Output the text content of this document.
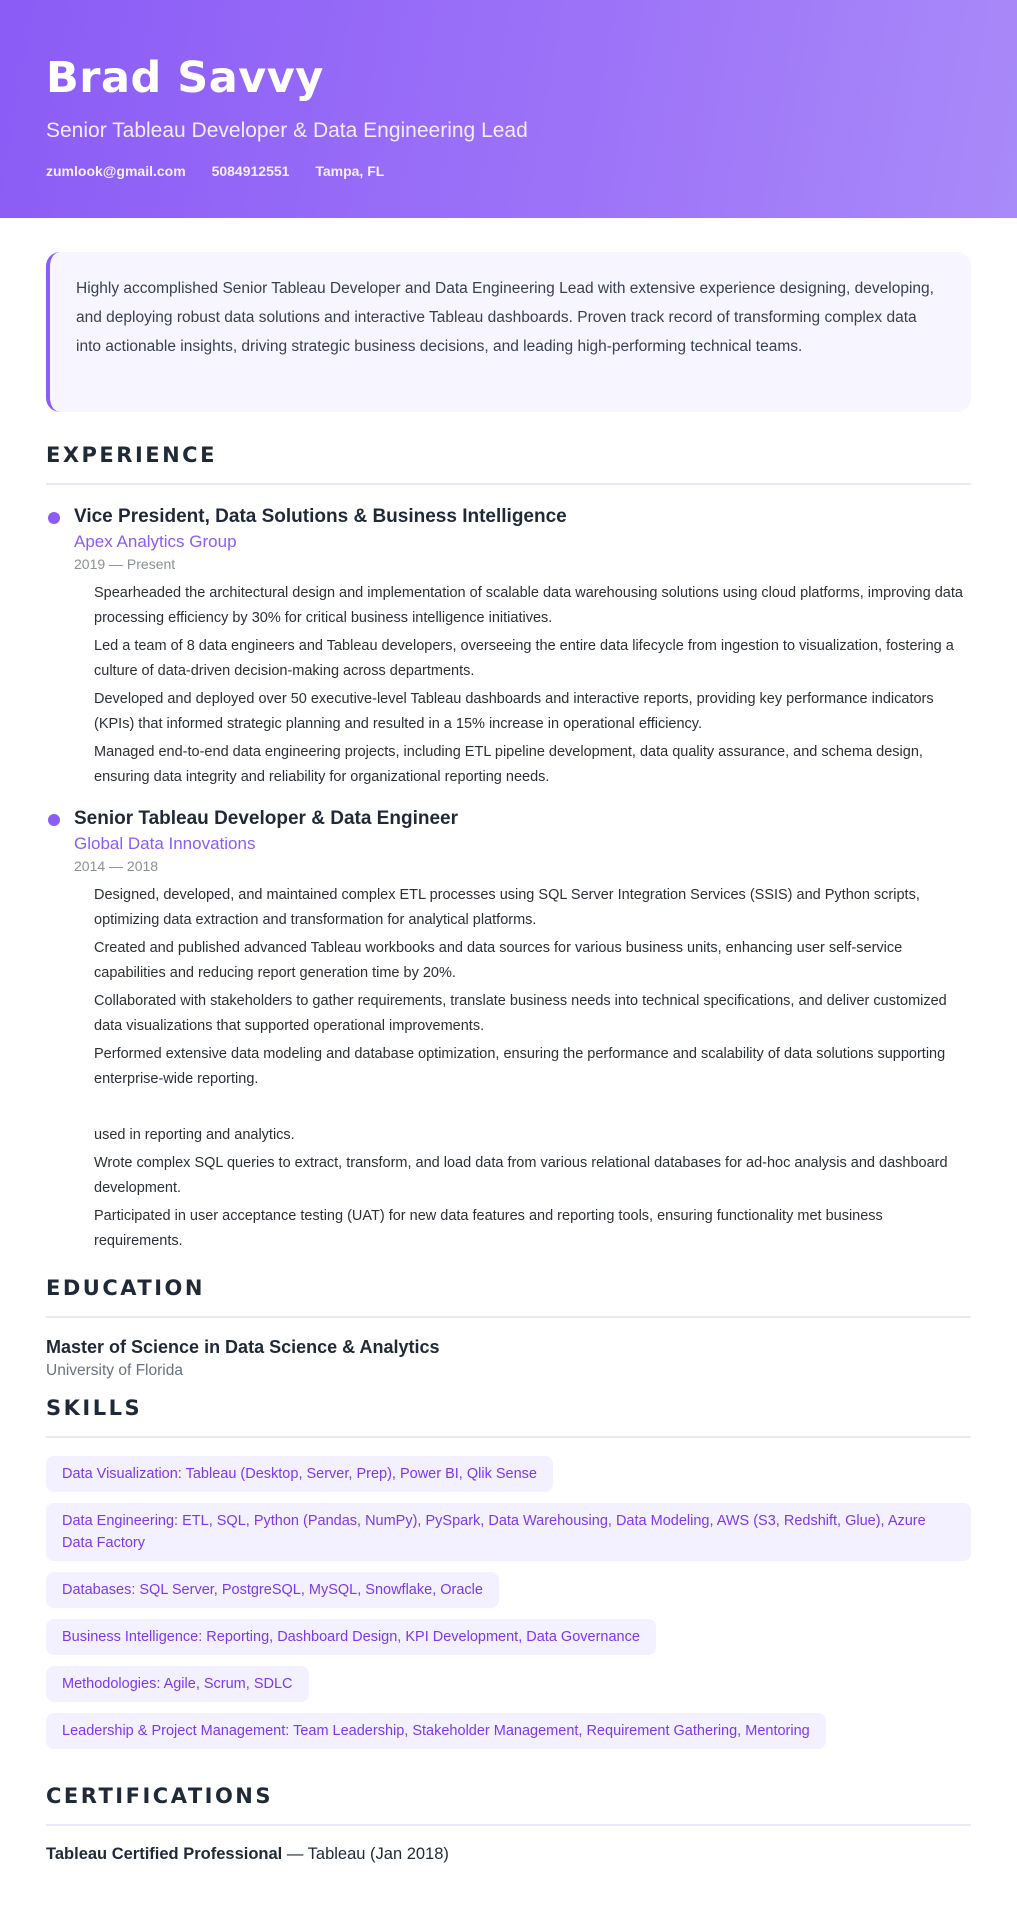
Brad Savvy
Senior Tableau Developer & Data Engineering Lead
zumlook@gmail.com 5084912551 Tampa, FL
Highly accomplished Senior Tableau Developer and Data Engineering Lead with extensive experience designing, developing, and deploying robust data solutions and interactive Tableau dashboards. Proven track record of transforming complex data into actionable insights, driving strategic business decisions, and leading high-performing technical teams.
EXPERIENCE
Vice President, Data Solutions & Business Intelligence
Apex Analytics Group
2019 — Present
Spearheaded the architectural design and implementation of scalable data warehousing solutions using cloud platforms, improving data processing efficiency by 30% for critical business intelligence initiatives.
Led a team of 8 data engineers and Tableau developers, overseeing the entire data lifecycle from ingestion to visualization, fostering a culture of data-driven decision-making across departments.
Developed and deployed over 50 executive-level Tableau dashboards and interactive reports, providing key performance indicators (KPIs) that informed strategic planning and resulted in a 15% increase in operational efficiency.
Managed end-to-end data engineering projects, including ETL pipeline development, data quality assurance, and schema design, ensuring data integrity and reliability for organizational reporting needs.
Senior Tableau Developer & Data Engineer
Global Data Innovations
2014 — 2018
Designed, developed, and maintained complex ETL processes using SQL Server Integration Services (SSIS) and Python scripts, optimizing data extraction and transformation for analytical platforms.
Created and published advanced Tableau workbooks and data sources for various business units, enhancing user self-service capabilities and reducing report generation time by 20%.
Collaborated with stakeholders to gather requirements, translate business needs into technical specifications, and deliver customized data visualizations that supported operational improvements.
Performed extensive data modeling and database optimization, ensuring the performance and scalability of data solutions supporting enterprise-wide reporting.
used in reporting and analytics.
Wrote complex SQL queries to extract, transform, and load data from various relational databases for ad-hoc analysis and dashboard development.
Participated in user acceptance testing (UAT) for new data features and reporting tools, ensuring functionality met business requirements.
EDUCATION
Master of Science in Data Science & Analytics
University of Florida
SKILLS
Data Visualization: Tableau (Desktop, Server, Prep), Power BI, Qlik Sense
Data Engineering: ETL, SQL, Python (Pandas, NumPy), PySpark, Data Warehousing, Data Modeling, AWS (S3, Redshift, Glue), Azure Data Factory
Databases: SQL Server, PostgreSQL, MySQL, Snowflake, Oracle
Business Intelligence: Reporting, Dashboard Design, KPI Development, Data Governance
Methodologies: Agile, Scrum, SDLC
Leadership & Project Management: Team Leadership, Stakeholder Management, Requirement Gathering, Mentoring
CERTIFICATIONS
Tableau Certified Professional — Tableau (Jan 2018)
